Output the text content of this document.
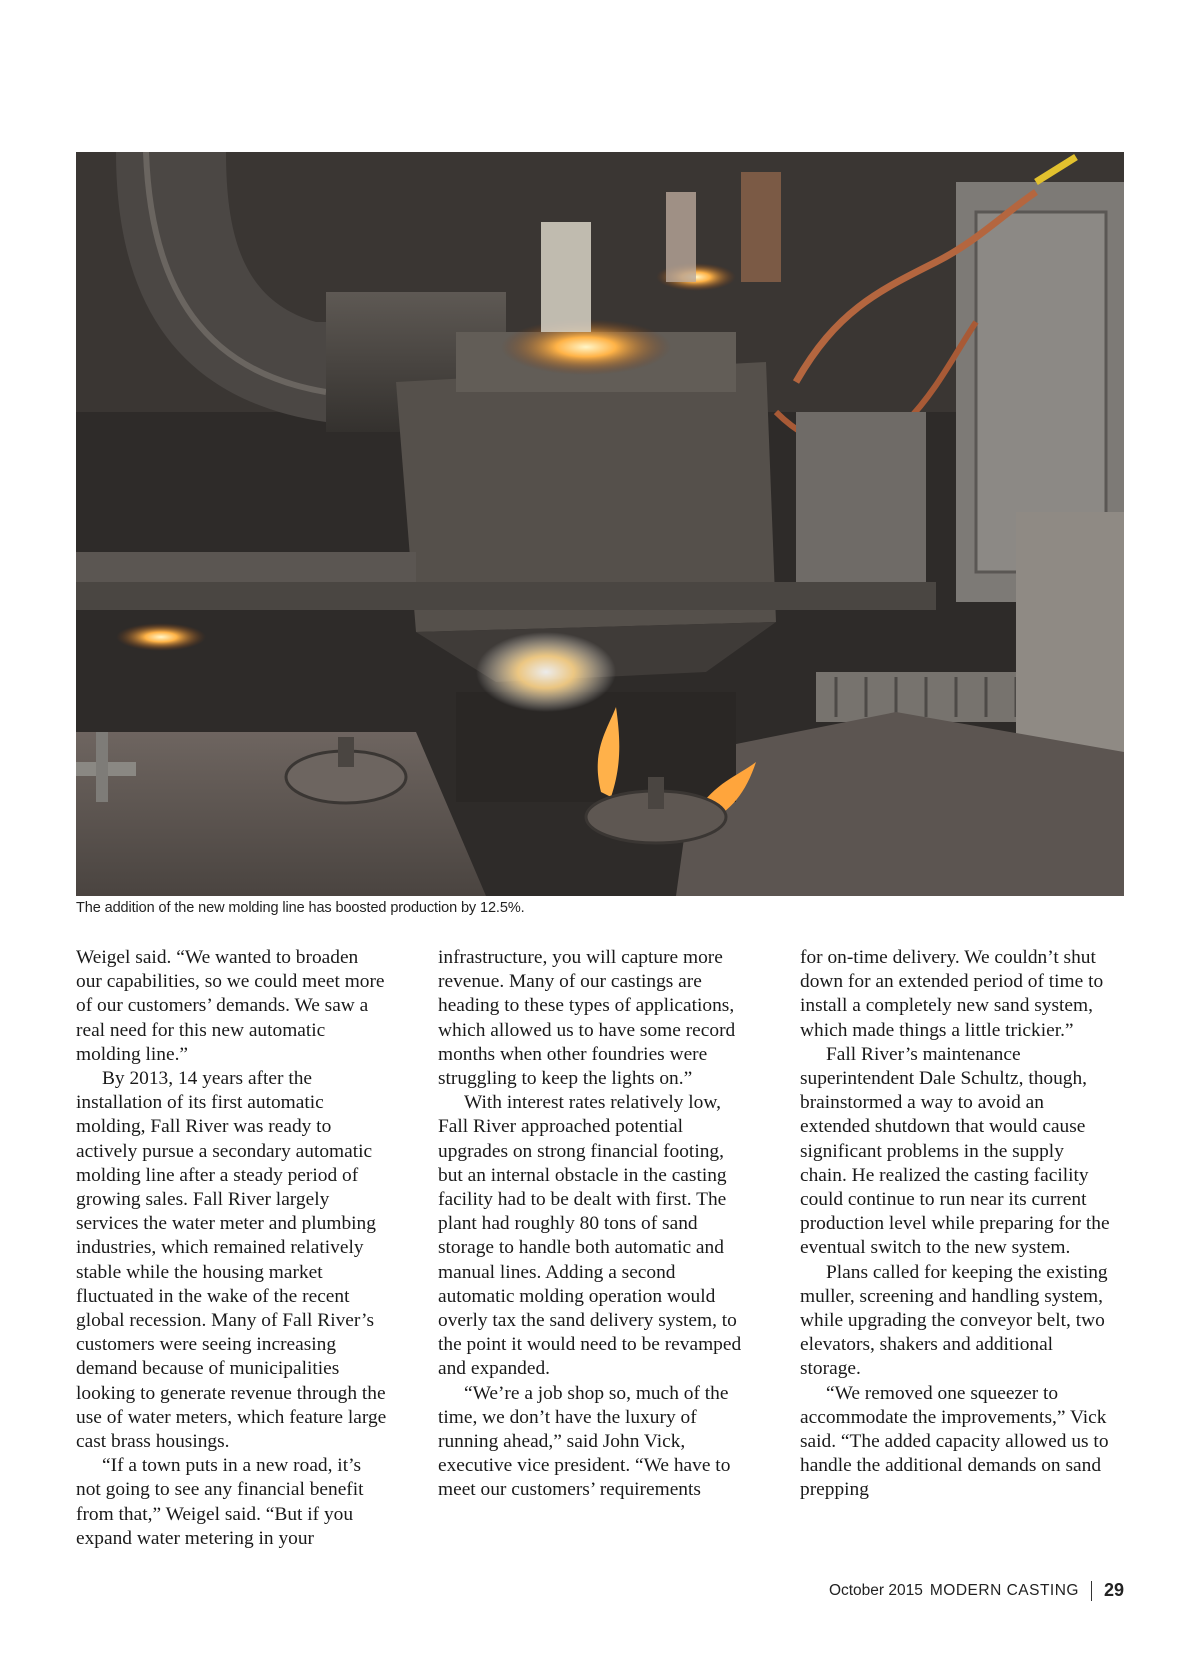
The addition of the new molding line has boosted production by 12.5%.

Weigel said. “We wanted to broaden our capabilities, so we could meet more of our customers’ demands. We saw a real need for this new automatic molding line.”

By 2013, 14 years after the installation of its first automatic molding, Fall River was ready to actively pursue a secondary automatic molding line after a steady period of growing sales. Fall River largely services the water meter and plumbing industries, which remained relatively stable while the housing market fluctuated in the wake of the recent global recession. Many of Fall River’s customers were seeing increasing demand because of municipalities looking to generate revenue through the use of water meters, which feature large cast brass housings.

“If a town puts in a new road, it’s not going to see any financial benefit from that,” Weigel said. “But if you expand water metering in your

infrastructure, you will capture more revenue. Many of our castings are heading to these types of applications, which allowed us to have some record months when other foundries were struggling to keep the lights on.”

With interest rates relatively low, Fall River approached potential upgrades on strong financial footing, but an internal obstacle in the casting facility had to be dealt with first. The plant had roughly 80 tons of sand storage to handle both automatic and manual lines. Adding a second automatic molding operation would overly tax the sand delivery system, to the point it would need to be revamped and expanded.

“We’re a job shop so, much of the time, we don’t have the luxury of running ahead,” said John Vick, executive vice president. “We have to meet our customers’ requirements

for on-time delivery. We couldn’t shut down for an extended period of time to install a completely new sand system, which made things a little trickier.”

Fall River’s maintenance superintendent Dale Schultz, though, brainstormed a way to avoid an extended shutdown that would cause significant problems in the supply chain. He realized the casting facility could continue to run near its current production level while preparing for the eventual switch to the new system.

Plans called for keeping the existing muller, screening and handling system, while upgrading the conveyor belt, two elevators, shakers and additional storage.

“We removed one squeezer to accommodate the improvements,” Vick said. “The added capacity allowed us to handle the additional demands on sand prepping

October 2015 MODERN CASTING 29
